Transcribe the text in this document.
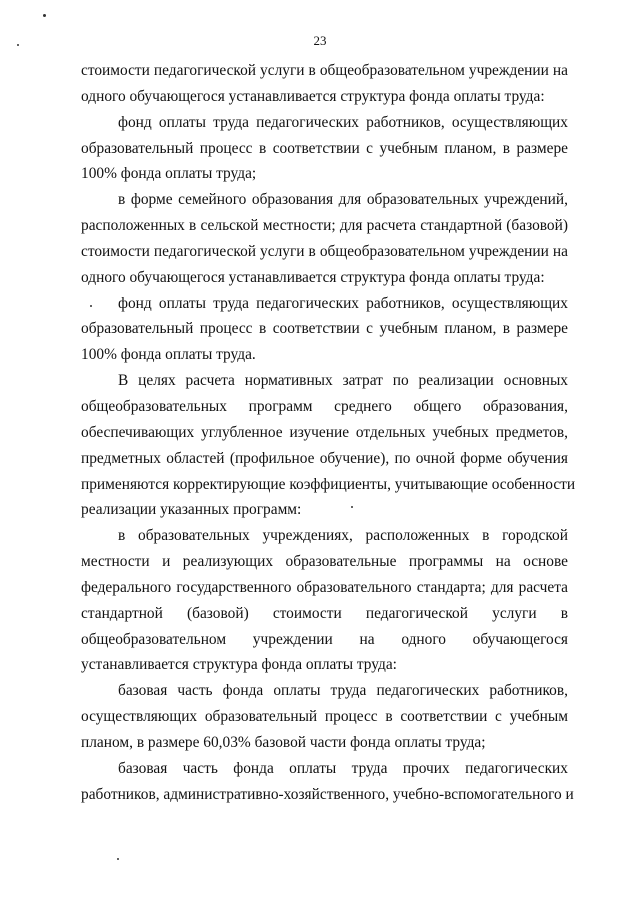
23
стоимости педагогической услуги в общеобразовательном учреждении на
одного обучающегося устанавливается структура фонда оплаты труда:
фонд оплаты труда педагогических работников, осуществляющих
образовательный процесс в соответствии с учебным планом, в размере
100% фонда оплаты труда;
в форме семейного образования для образовательных учреждений,
расположенных в сельской местности; для расчета стандартной (базовой)
стоимости педагогической услуги в общеобразовательном учреждении на
одного обучающегося устанавливается структура фонда оплаты труда:
фонд оплаты труда педагогических работников, осуществляющих
образовательный процесс в соответствии с учебным планом, в размере
100% фонда оплаты труда.
В целях расчета нормативных затрат по реализации основных
общеобразовательных программ среднего общего образования,
обеспечивающих углубленное изучение отдельных учебных предметов,
предметных областей (профильное обучение), по очной форме обучения
применяются корректирующие коэффициенты, учитывающие особенности
реализации указанных программ:
в образовательных учреждениях, расположенных в городской
местности и реализующих образовательные программы на основе
федерального государственного образовательного стандарта; для расчета
стандартной (базовой) стоимости педагогической услуги в
общеобразовательном учреждении на одного обучающегося
устанавливается структура фонда оплаты труда:
базовая часть фонда оплаты труда педагогических работников,
осуществляющих образовательный процесс в соответствии с учебным
планом, в размере 60,03% базовой части фонда оплаты труда;
базовая часть фонда оплаты труда прочих педагогических
работников, административно-хозяйственного, учебно-вспомогательного и
